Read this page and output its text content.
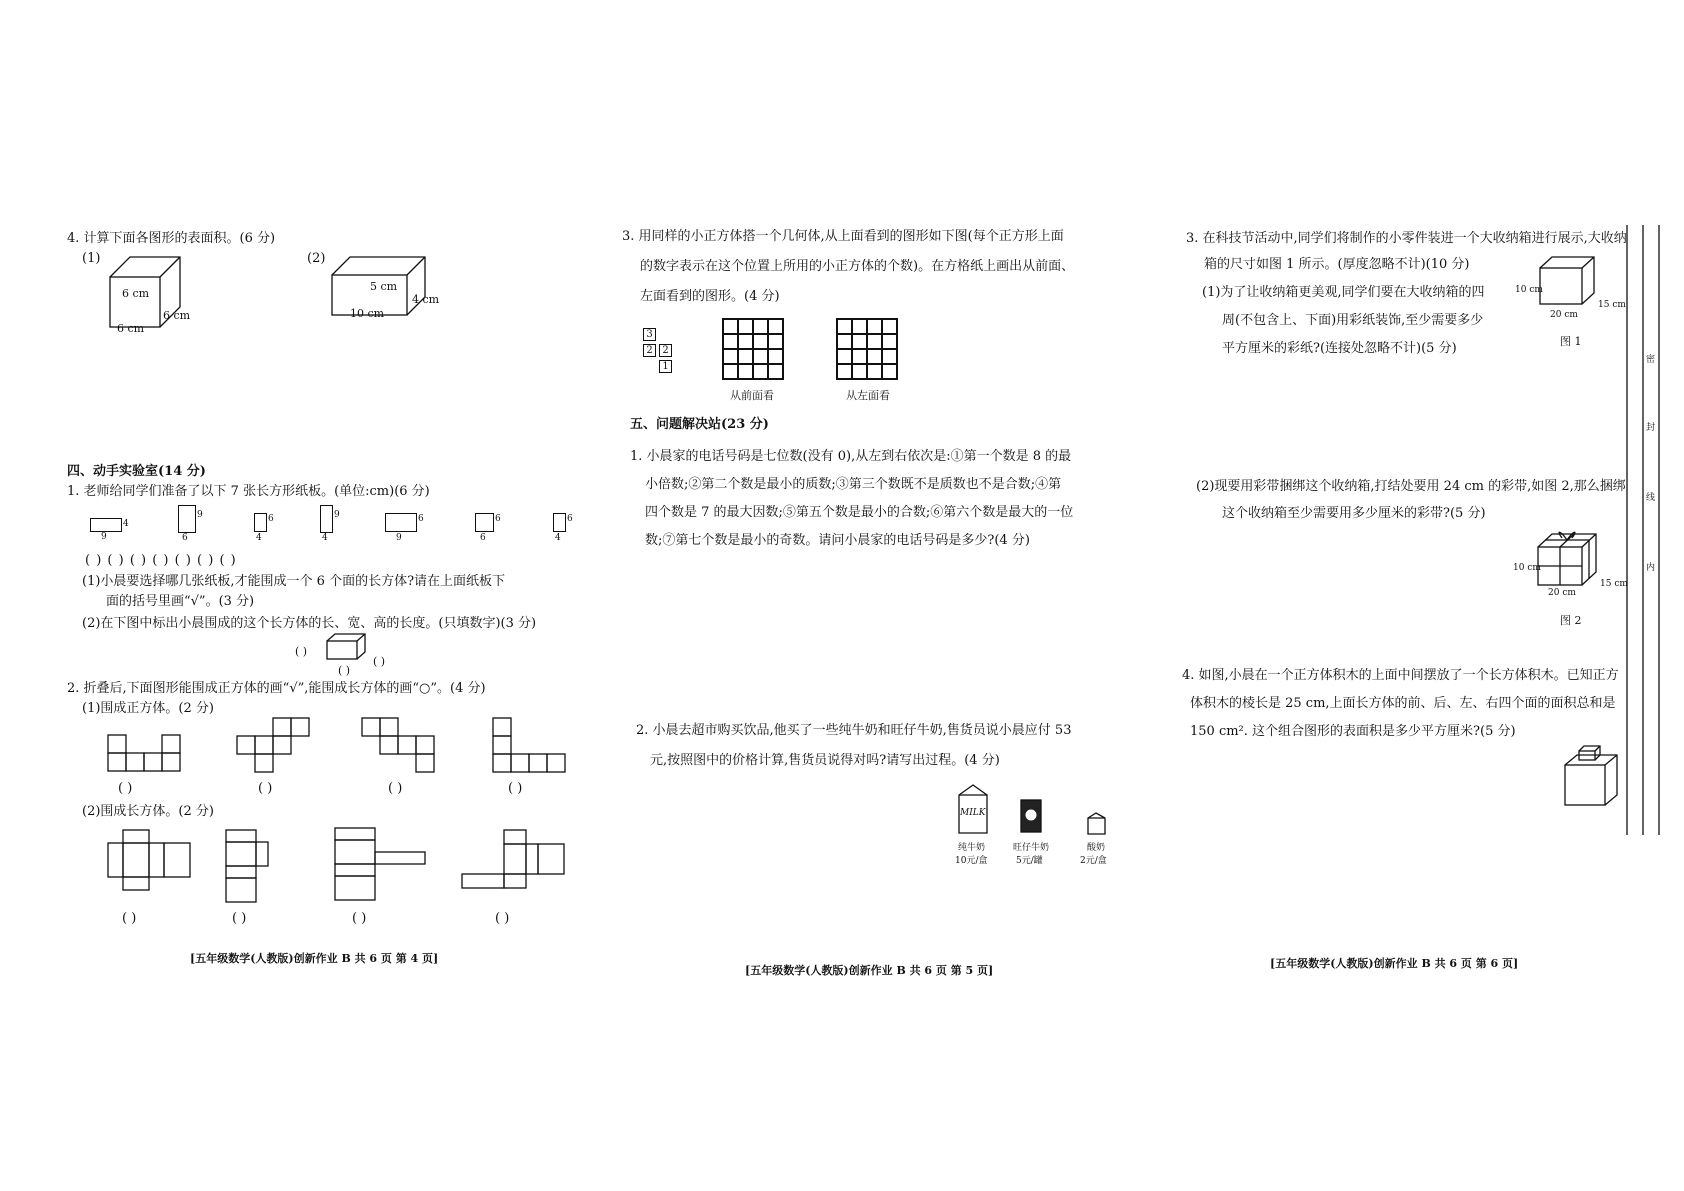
4. 计算下面各图形的表面积。(6 分)
(1)	(2)
6 cm
6 cm
6 cm
5 cm
4 cm
10 cm
四、动手实验室(14 分)
1. 老师给同学们准备了以下 7 张长方形纸板。(单位:cm)(6 分)
9
4
6
9
4
6
4
9
9
6
6
6
4
6
( ) ( ) ( ) ( ) ( ) ( ) ( )
(1)小晨要选择哪几张纸板,才能围成一个 6 个面的长方体?请在上面纸板下
面的括号里画“√”。(3 分)
(2)在下图中标出小晨围成的这个长方体的长、宽、高的长度。(只填数字)(3 分)
( )
( )
( )
2. 折叠后,下面图形能围成正方体的画“√”,能围成长方体的画“○”。(4 分)
(1)围成正方体。(2 分)
( )	( )	( )	( )
(2)围成长方体。(2 分)
( )	( )	( )	( )
[五年级数学(人教版)创新作业 B 共 6 页 第 4 页]
3. 用同样的小正方体搭一个几何体,从上面看到的图形如下图(每个正方形上面
的数字表示在这个位置上所用的小正方体的个数)。在方格纸上画出从前面、
左面看到的图形。(4 分)
3
2 2
1
从前面看	从左面看
五、问题解决站(23 分)
1. 小晨家的电话号码是七位数(没有 0),从左到右依次是:①第一个数是 8 的最
小倍数;②第二个数是最小的质数;③第三个数既不是质数也不是合数;④第
四个数是 7 的最大因数;⑤第五个数是最小的合数;⑥第六个数是最大的一位
数;⑦第七个数是最小的奇数。请问小晨家的电话号码是多少?(4 分)
2. 小晨去超市购买饮品,他买了一些纯牛奶和旺仔牛奶,售货员说小晨应付 53
元,按照图中的价格计算,售货员说得对吗?请写出过程。(4 分)
MILK
纯牛奶
10元/盒
旺仔牛奶
5元/罐
酸奶
2元/盒
[五年级数学(人教版)创新作业 B 共 6 页 第 5 页]
3. 在科技节活动中,同学们将制作的小零件装进一个大收纳箱进行展示,大收纳
箱的尺寸如图 1 所示。(厚度忽略不计)(10 分)
(1)为了让收纳箱更美观,同学们要在大收纳箱的四
周(不包含上、下面)用彩纸装饰,至少需要多少
平方厘米的彩纸?(连接处忽略不计)(5 分)
10 cm
20 cm
15 cm
图 1
(2)现要用彩带捆绑这个收纳箱,打结处要用 24 cm 的彩带,如图 2,那么捆绑
这个收纳箱至少需要用多少厘米的彩带?(5 分)
10 cm
20 cm
15 cm
图 2
4. 如图,小晨在一个正方体积木的上面中间摆放了一个长方体积木。已知正方
体积木的棱长是 25 cm,上面长方体的前、后、左、右四个面的面积总和是
150 cm². 这个组合图形的表面积是多少平方厘米?(5 分)
[五年级数学(人教版)创新作业 B 共 6 页 第 6 页]
密
封
线
内
